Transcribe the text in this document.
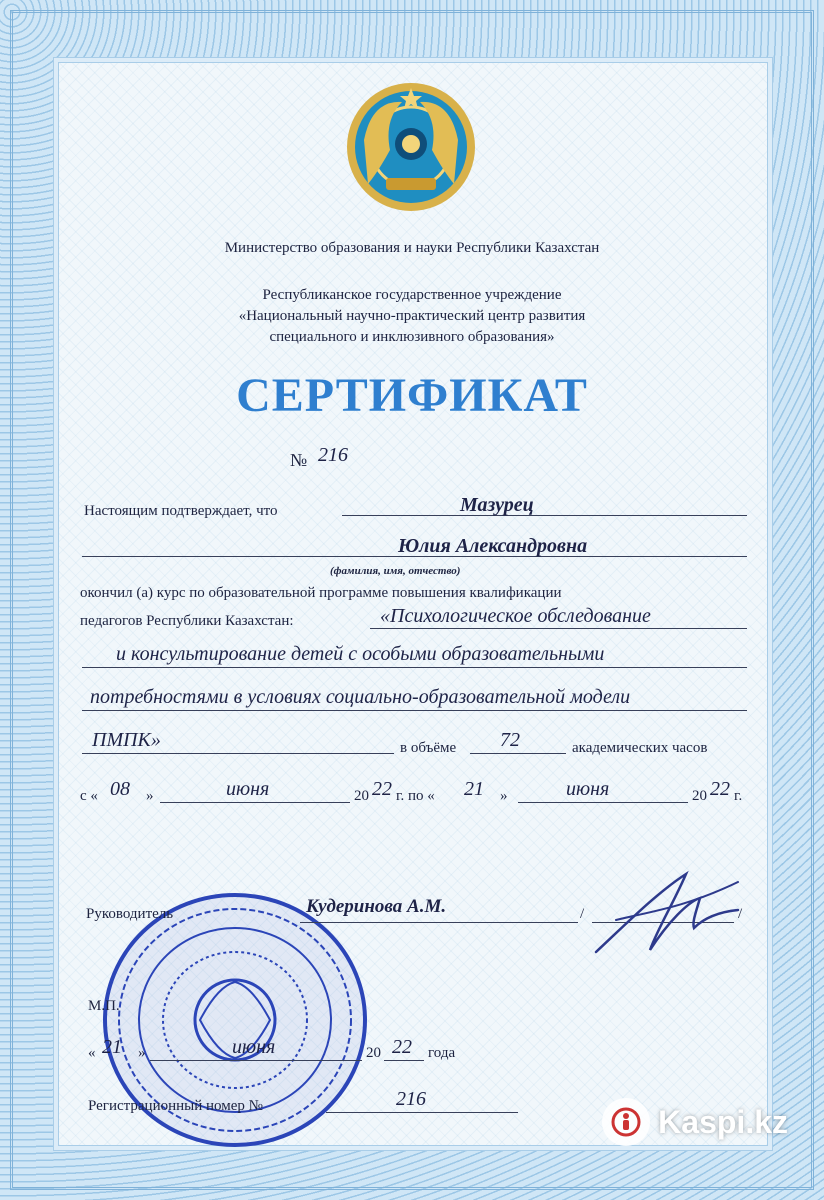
Министерство образования и науки Республики Казахстан
Республиканское государственное учреждение
«Национальный научно-практический центр развития
специального и инклюзивного образования»
СЕРТИФИКАТ
№ 216
Настоящим подтверждает, что	Мазурец
Юлия Александровна
(фамилия, имя, отчество)
окончил (а) курс по образовательной программе повышения квалификации
педагогов Республики Казахстан:	«Психологическое обследование
и консультирование детей с особыми образовательными
потребностями в условиях социально-образовательной модели
ПМПК»	в объёме 72	академических часов
с « 08 »	июня	20 22 г. по « 21 »	июня	20 22 г.
Руководитель	Кудеринова А.М.	/	/
М.П.
« 21 »	июня	20 22 года
Регистрационный номер №	216
Kaspi.kz
